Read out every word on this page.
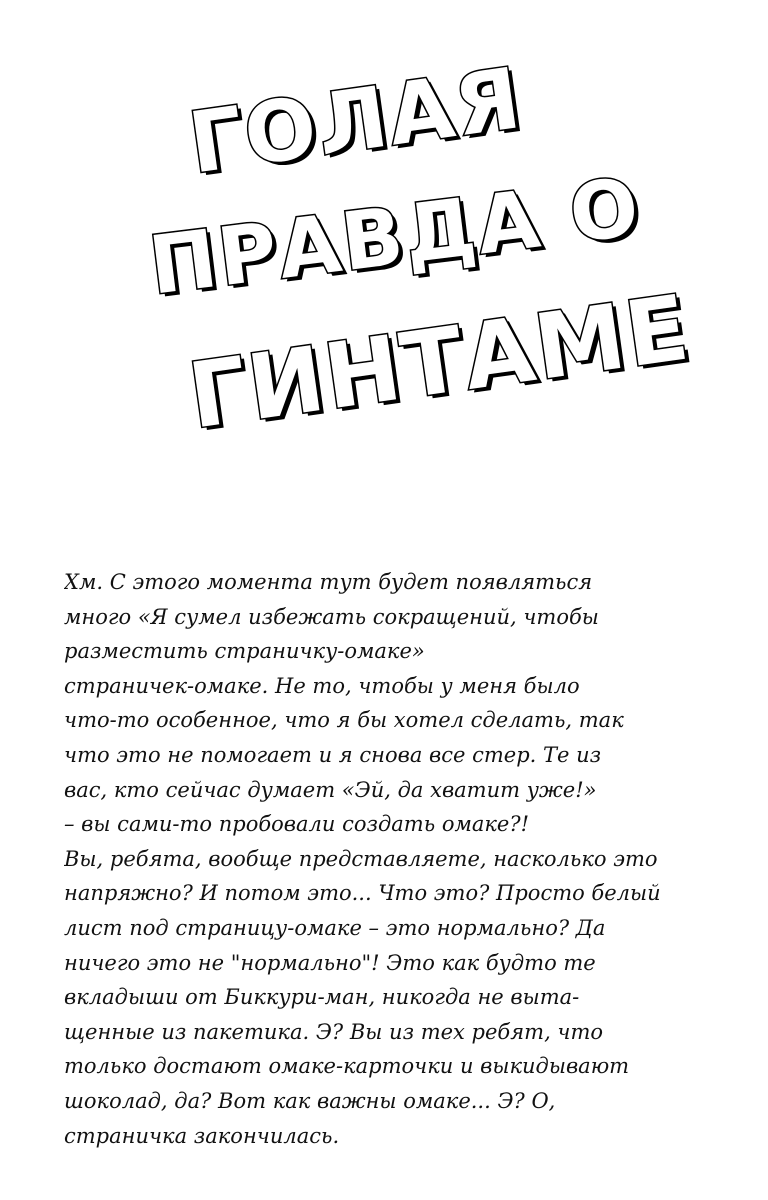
ГОЛАЯ
ПРАВДА О
ГИНТАМЕ
Хм. С этого момента тут будет появляться
много «Я сумел избежать сокращений, чтобы
разместить страничку-омаке»
страничек-омаке. Не то, чтобы у меня было
что-то особенное, что я бы хотел сделать, так
что это не помогает и я снова все стер. Те из
вас, кто сейчас думает «Эй, да хватит уже!»
– вы сами-то пробовали создать омаке?!
Вы, ребята, вообще представляете, насколько это
напряжно? И потом это... Что это? Просто белый
лист под страницу-омаке – это нормально? Да
ничего это не "нормально"! Это как будто те
вкладыши от Биккури-ман, никогда не выта-
щенные из пакетика. Э? Вы из тех ребят, что
только достают омаке-карточки и выкидывают
шоколад, да? Вот как важны омаке... Э? О,
страничка закончилась.
